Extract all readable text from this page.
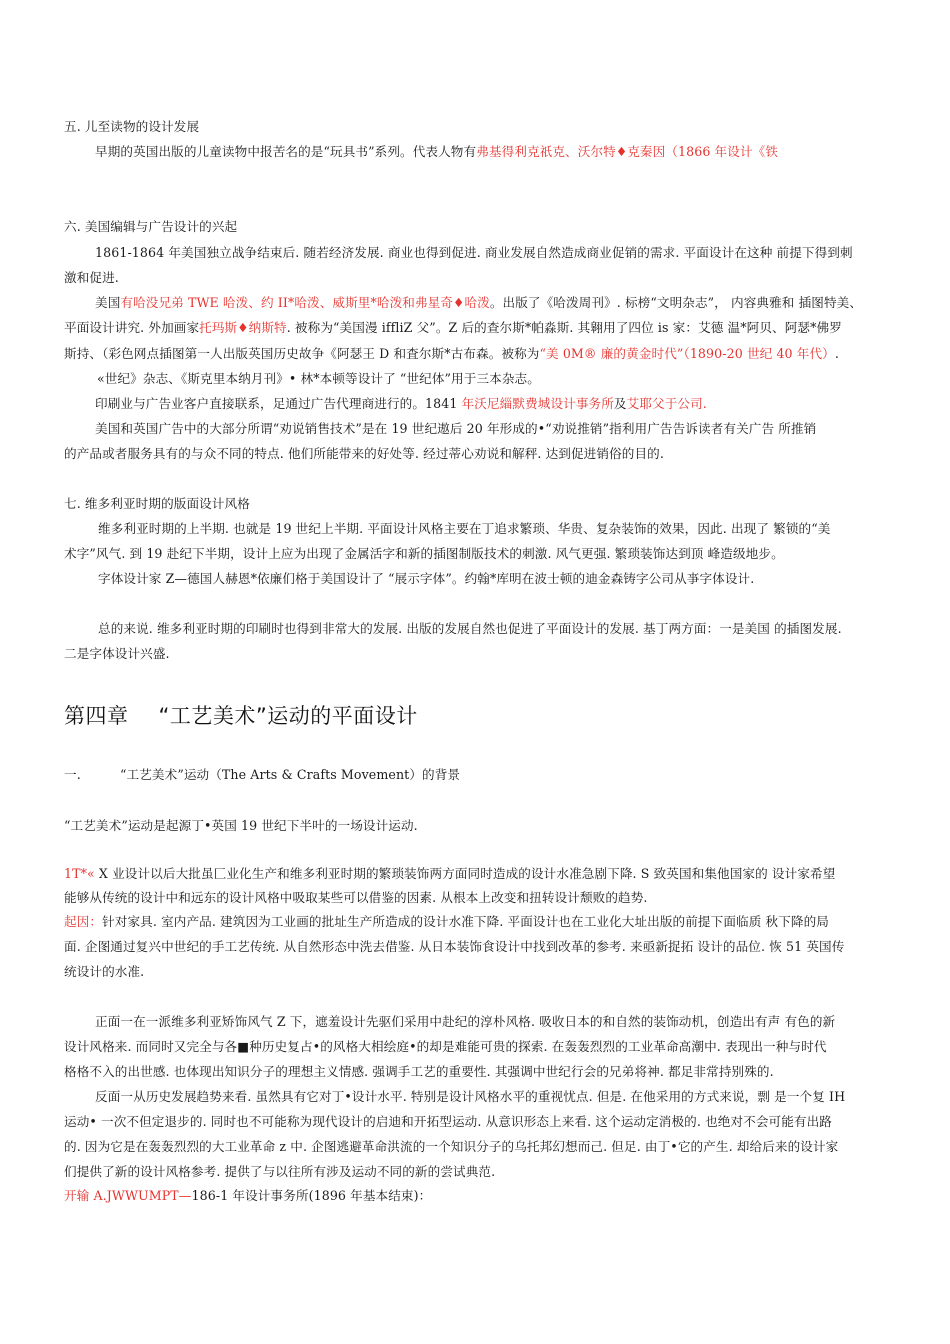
五. 儿至读物的设计发展
早期的英国出版的儿童读物中报苦名的是“玩具书”系列。代表人物有弗基得利克祇克、沃尔特♦克秦因（1866 年设计《铁
六. 美国编辑与广告设计的兴起
1861-1864 年美国独立战争结束后. 随若经济发展. 商业也得到促进. 商业发展自然造成商业促销的需求. 平面设计在这种 前提下得到刺
激和促进.
美国有哈没兄弟 TWE 哈泼、约 II*哈泼、威斯里*哈泼和弗星奇♦哈泼。出版了《哈泼周刊》. 标榜“文明杂志”， 内容典雅和 插图特美、
平面设计讲究. 外加画家托玛斯♦纳斯特. 被称为“美国漫 iffliZ 父”。Z 后的查尔斯*帕淼斯. 其翱用了四位 is 家：艾德 温*阿贝、阿瑟*佛罗
斯持、（彩色网点插图第一人出版英国历史故争《阿瑟王 D 和査尔斯*古布森。被称为“美 0M® 廉的黄金时代”（1890-20 世纪 40 年代）.
«世纪》杂志、《斯克里本纳月刊》• 林*本顿等设计了 “世纪体”用于三本杂志。
印刷业与广告业客户直接联系，足通过广告代理商进行的。1841 年沃尼緇默费城设计事务所及艾耶父于公司.
美国和英国广告中的大部分所谓“劝说销售技术”是在 19 世纪遨后 20 年形成的•“劝说推销”指利用广告告诉读者有关广告 所推销
的产品或者服务具有的与众不同的特点. 他们所能带来的好处等. 经过蒂心劝说和解秤. 达到促进销俗的目的.
七. 维多利亚时期的版面设计风格
维多利亚时期的上半期. 也就是 19 世纪上半期. 平面设计风格主要在丁追求繁琐、华贵、复杂装饰的效果，因此. 出现了 繁锁的“美
术字”风气. 到 19 赴纪下半期，设计上应为出现了金属活字和新的插图制版技术的刺激. 风气更强. 繁琐装饰达到顶 峰造级地步。
字体设计家 Z—德国人赫恩*依廉们格于美国设计了 “展示字体”。约翰*库明在波士顿的迪金森铸字公司从亊字体设计.
总的来说. 维多利亚时期的印刷时也得到非常大的发展. 出版的发展自然也促进了平面设计的发展. 基丁两方面：一是美国 的插图发展.
二是字体设计兴盛.
第四章 “工艺美术”运动的平面设计
一.	“工艺美术”运动（The Arts & Crafts Movement）的背景
“工艺美术”运动是起源丁•英国 19 世纪下半叶的一场设计运动.
1T*« X 业设计以后大批虽匚业化生产和维多利亚时期的繁琐装饰两方面同时造成的设计水准急剧下降. S 致英国和集他国家的 设计家希望
能够从传统的设计中和远东的设计风格中吸取某些可以借鉴的因素. 从根本上改变和扭转设计颓败的趋势.
起因：针对家具. 室内产品. 建筑因为工业画的批址生产所造成的设计水准下降. 平面设计也在工业化大址出版的前提下面临质 秋下降的局
面. 企图通过复兴中世纪的手工艺传统. 从自然形态中洗去借鉴. 从日本装饰食设计中找到改革的参考. 来亟新捉拓 设计的品位. 恢 51 英国传
统设计的水准.
正面一在一派维多利亚矫饰风气 Z 下，遮羞设计先驱们采用中赴纪的淳朴风格. 吸收日本的和自然的装饰动机，创造出有声 有色的新
设计风格来. 而同时又完全与各■种历史复占•的风格大相绘庭•的却是难能可贵的探索. 在轰轰烈烈的工业革命高潮中. 表现出一种与时代
格格不入的出世感. 也体现出知识分子的理想主义情感. 强调手工艺的重要性. 其强调中世纪行会的兄弟将神. 都足非常持别殊的.
反面一从历史发展趋势来看. 虽然具有它对丁•设计水平. 特别是设计风格水平的重视忧点. 但是. 在他采用的方式来说，剽 是一个复 IH
运动• 一次不但定退步的. 同时也不可能称为现代设计的启迪和开拓型运动. 从意识形态上来看. 这个运动定消极的. 也绝对不会可能有出路
的. 因为它是在轰轰烈烈的大工业革命 z 中. 企图逃避革命洪流的一个知识分子的乌托邦幻想而己. 但足. 由丁•它的产生. 却给后来的设计家
们提供了新的设计风格参考. 提供了与以往所有涉及运动不同的新的尝试典范.
开输 A.JWWUMPT—186-1 年设计事务所(1896 年基本结束)：
